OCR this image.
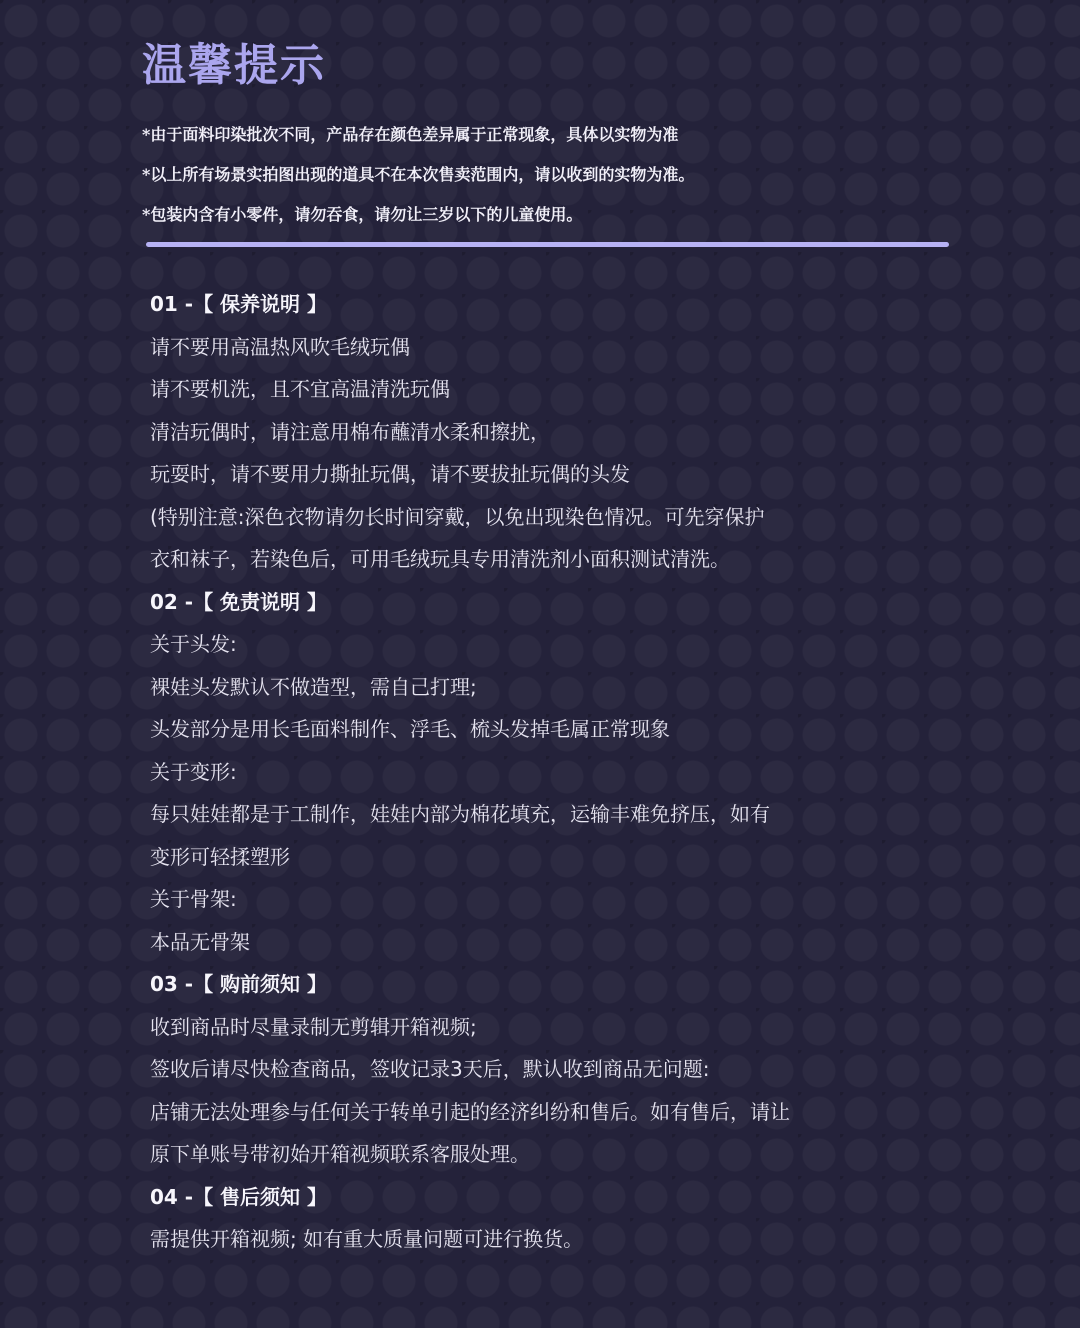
温馨提示
*由于面料印染批次不同，产品存在颜色差异属于正常现象，具体以实物为准
*以上所有场景实拍图出现的道具不在本次售卖范围内，请以收到的实物为准。
*包装内含有小零件，请勿吞食，请勿让三岁以下的儿童使用。
01 -【 保养说明 】
请不要用高温热风吹毛绒玩偶
请不要机洗，且不宜高温清洗玩偶
清洁玩偶时，请注意用棉布蘸清水柔和擦扰，
玩耍时，请不要用力撕扯玩偶，请不要拔扯玩偶的头发
(特别注意:深色衣物请勿长时间穿戴，以免出现染色情况。可先穿保护
衣和袜子，若染色后，可用毛绒玩具专用清洗剂小面积测试清洗。
02 -【 免责说明 】
关于头发:
裸娃头发默认不做造型，需自己打理;
头发部分是用长毛面料制作、浮毛、梳头发掉毛属正常现象
关于变形:
每只娃娃都是于工制作，娃娃内部为棉花填充，运输丰难免挤压，如有
变形可轻揉塑形
关于骨架:
本品无骨架
03 -【 购前须知 】
收到商品时尽量录制无剪辑开箱视频;
签收后请尽快检查商品，签收记录3天后，默认收到商品无问题:
店铺无法处理参与任何关于转单引起的经济纠纷和售后。如有售后，请让
原下单账号带初始开箱视频联系客服处理。
04 -【 售后须知 】
需提供开箱视频; 如有重大质量问题可进行换货。
